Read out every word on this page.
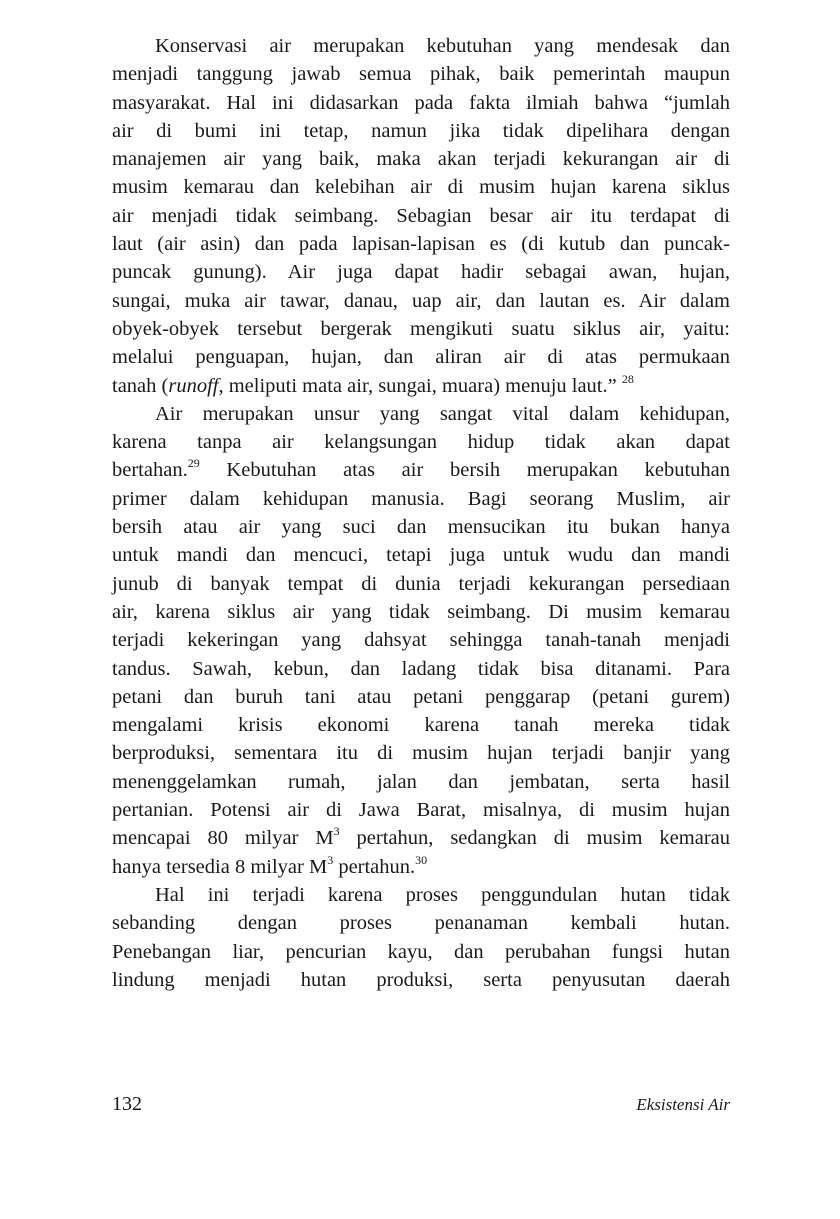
Konservasi air merupakan kebutuhan yang mendesak dan
menjadi tanggung jawab semua pihak, baik pemerintah maupun
masyarakat. Hal ini didasarkan pada fakta ilmiah bahwa “jumlah
air di bumi ini tetap, namun jika tidak dipelihara dengan
manajemen air yang baik, maka akan terjadi kekurangan air di
musim kemarau dan kelebihan air di musim hujan karena siklus
air menjadi tidak seimbang. Sebagian besar air itu terdapat di
laut (air asin) dan pada lapisan-lapisan es (di kutub dan puncak-
puncak gunung). Air juga dapat hadir sebagai awan, hujan,
sungai, muka air tawar, danau, uap air, dan lautan es. Air dalam
obyek-obyek tersebut bergerak mengikuti suatu siklus air, yaitu:
melalui penguapan, hujan, dan aliran air di atas permukaan
tanah (runoff, meliputi mata air, sungai, muara) menuju laut.” $^{28}$
Air merupakan unsur yang sangat vital dalam kehidupan,
karena tanpa air kelangsungan hidup tidak akan dapat
bertahan.$^{29}$ Kebutuhan atas air bersih merupakan kebutuhan
primer dalam kehidupan manusia. Bagi seorang Muslim, air
bersih atau air yang suci dan mensucikan itu bukan hanya
untuk mandi dan mencuci, tetapi juga untuk wudu dan mandi
junub di banyak tempat di dunia terjadi kekurangan persediaan
air, karena siklus air yang tidak seimbang. Di musim kemarau
terjadi kekeringan yang dahsyat sehingga tanah-tanah menjadi
tandus. Sawah, kebun, dan ladang tidak bisa ditanami. Para
petani dan buruh tani atau petani penggarap (petani gurem)
mengalami krisis ekonomi karena tanah mereka tidak
berproduksi, sementara itu di musim hujan terjadi banjir yang
menenggelamkan rumah, jalan dan jembatan, serta hasil
pertanian. Potensi air di Jawa Barat, misalnya, di musim hujan
mencapai 80 milyar $M^3$ pertahun, sedangkan di musim kemarau
hanya tersedia 8 milyar $M^3$ pertahun.$^{30}$
Hal ini terjadi karena proses penggundulan hutan tidak
sebanding dengan proses penanaman kembali hutan.
Penebangan liar, pencurian kayu, dan perubahan fungsi hutan
lindung menjadi hutan produksi, serta penyusutan daerah
132	Eksistensi Air
